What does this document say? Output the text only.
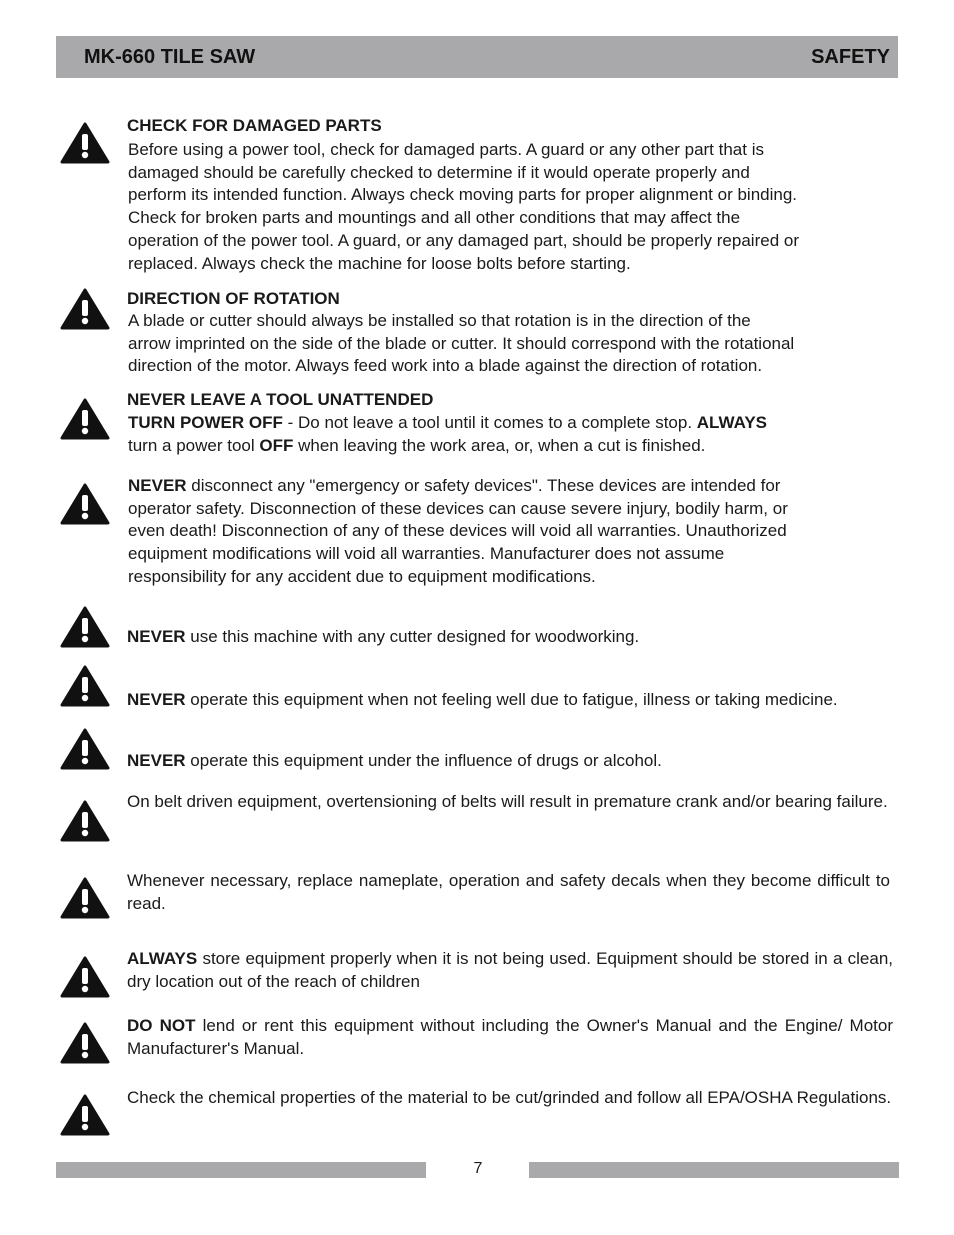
MK-660 TILE SAW	SAFETY
CHECK FOR DAMAGED PARTS

Before using a power tool, check for damaged parts. A guard or any other part that is

damaged should be carefully checked to determine if it would operate properly and

perform its intended function. Always check moving parts for proper alignment or binding.

Check for broken parts and mountings and all other conditions that may affect the

operation of the power tool. A guard, or any damaged part, should be properly repaired or

replaced. Always check the machine for loose bolts before starting.

DIRECTION OF ROTATION

A blade or cutter should always be installed so that rotation is in the direction of the

arrow imprinted on the side of the blade or cutter. It should correspond with the rotational

direction of the motor. Always feed work into a blade against the direction of rotation.

NEVER LEAVE A TOOL UNATTENDED

TURN POWER OFF - Do not leave a tool until it comes to a complete stop. ALWAYS

turn a power tool OFF when leaving the work area, or, when a cut is finished.

NEVER disconnect any "emergency or safety devices". These devices are intended for

operator safety. Disconnection of these devices can cause severe injury, bodily harm, or

even death! Disconnection of any of these devices will void all warranties. Unauthorized

equipment modifications will void all warranties. Manufacturer does not assume

responsibility for any accident due to equipment modifications.

NEVER use this machine with any cutter designed for woodworking.
NEVER operate this equipment when not feeling well due to fatigue, illness or taking medicine.
NEVER operate this equipment under the influence of drugs or alcohol.
On belt driven equipment, overtensioning of belts will result in premature crank and/or bearing failure.
Whenever necessary, replace nameplate, operation and safety decals when they become difficult to read.
ALWAYS store equipment properly when it is not being used. Equipment should be stored in a clean, dry location out of the reach of children
DO NOT lend or rent this equipment without including the Owner's Manual and the Engine/ Motor Manufacturer's Manual.
Check the chemical properties of the material to be cut/grinded and follow all EPA/OSHA Regulations.
7
